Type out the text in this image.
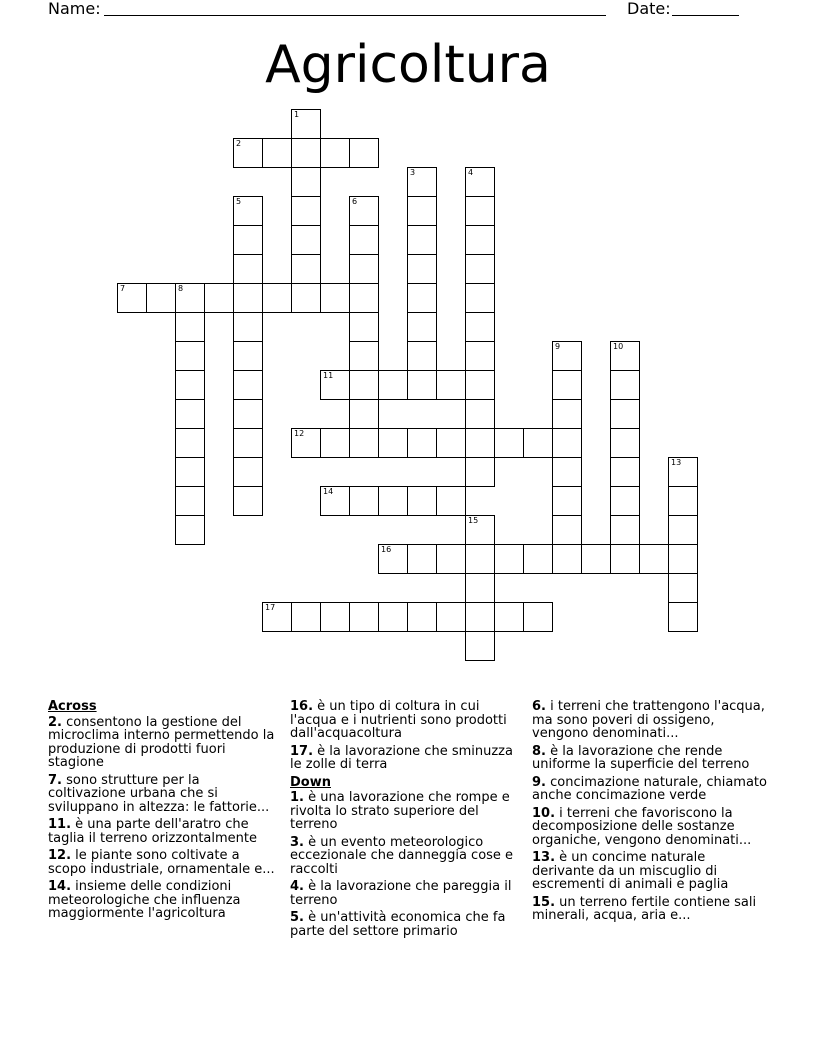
Name:	Date:
Agricoltura
1
2
3	4
5	6
7	8
9	10
11
12
13
14
15
16
17
Across
2. consentono la gestione del microclima interno permettendo la produzione di prodotti fuori stagione
7. sono strutture per la coltivazione urbana che si sviluppano in altezza: le fattorie...
11. è una parte dell'aratro che taglia il terreno orizzontalmente
12. le piante sono coltivate a scopo industriale, ornamentale e...
14. insieme delle condizioni meteorologiche che influenza maggiormente l'agricoltura
16. è un tipo di coltura in cui l'acqua e i nutrienti sono prodotti dall'acquacoltura
17. è la lavorazione che sminuzza le zolle di terra
Down
1. è una lavorazione che rompe e rivolta lo strato superiore del terreno
3. è un evento meteorologico eccezionale che danneggia cose e raccolti
4. è la lavorazione che pareggia il terreno
5. è un'attività economica che fa parte del settore primario
6. i terreni che trattengono l'acqua, ma sono poveri di ossigeno, vengono denominati...
8. è la lavorazione che rende uniforme la superficie del terreno
9. concimazione naturale, chiamato anche concimazione verde
10. i terreni che favoriscono la decomposizione delle sostanze organiche, vengono denominati...
13. è un concime naturale derivante da un miscuglio di escrementi di animali e paglia
15. un terreno fertile contiene sali minerali, acqua, aria e...
